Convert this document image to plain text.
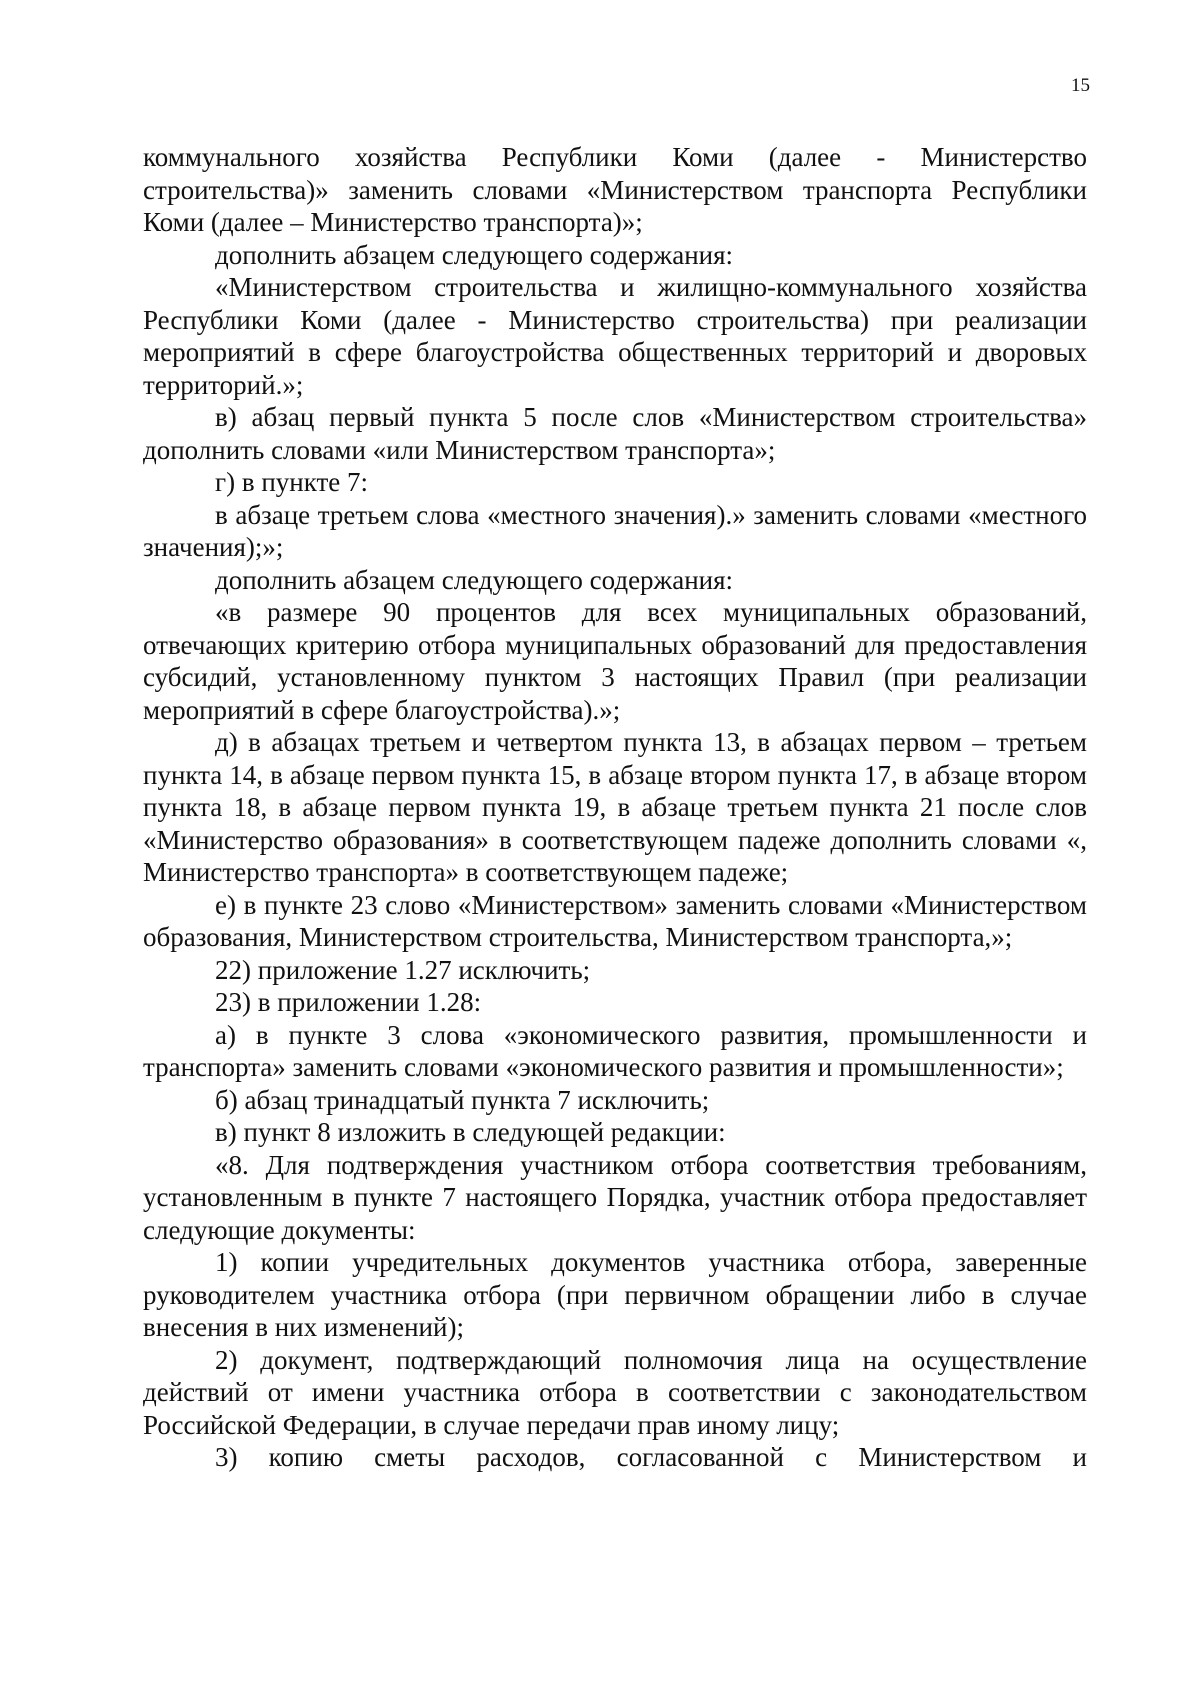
15

коммунального хозяйства Республики Коми (далее - Министерство строительства)» заменить словами «Министерством транспорта Республики Коми (далее – Министерство транспорта)»;

дополнить абзацем следующего содержания:

«Министерством строительства и жилищно-коммунального хозяйства Республики Коми (далее - Министерство строительства) при реализации мероприятий в сфере благоустройства общественных территорий и дворовых территорий.»;

в) абзац первый пункта 5 после слов «Министерством строительства» дополнить словами «или Министерством транспорта»;

г) в пункте 7:

в абзаце третьем слова «местного значения).» заменить словами «местного значения);»;

дополнить абзацем следующего содержания:

«в размере 90 процентов для всех муниципальных образований, отвечающих критерию отбора муниципальных образований для предоставления субсидий, установленному пунктом 3 настоящих Правил (при реализации мероприятий в сфере благоустройства).»;

д) в абзацах третьем и четвертом пункта 13, в абзацах первом – третьем пункта 14, в абзаце первом пункта 15, в абзаце втором пункта 17, в абзаце втором пункта 18, в абзаце первом пункта 19, в абзаце третьем пункта 21 после слов «Министерство образования» в соответствующем падеже дополнить словами «, Министерство транспорта» в соответствующем падеже;

е) в пункте 23 слово «Министерством» заменить словами «Министерством образования, Министерством строительства, Министерством транспорта,»;

22) приложение 1.27 исключить;

23) в приложении 1.28:

а) в пункте 3 слова «экономического развития, промышленности и транспорта» заменить словами «экономического развития и промышленности»;

б) абзац тринадцатый пункта 7 исключить;

в) пункт 8 изложить в следующей редакции:

«8. Для подтверждения участником отбора соответствия требованиям, установленным в пункте 7 настоящего Порядка, участник отбора предоставляет следующие документы:

1) копии учредительных документов участника отбора, заверенные руководителем участника отбора (при первичном обращении либо в случае внесения в них изменений);

2) документ, подтверждающий полномочия лица на осуществление действий от имени участника отбора в соответствии с законодательством Российской Федерации, в случае передачи прав иному лицу;

3) копию сметы расходов, согласованной с Министерством и
